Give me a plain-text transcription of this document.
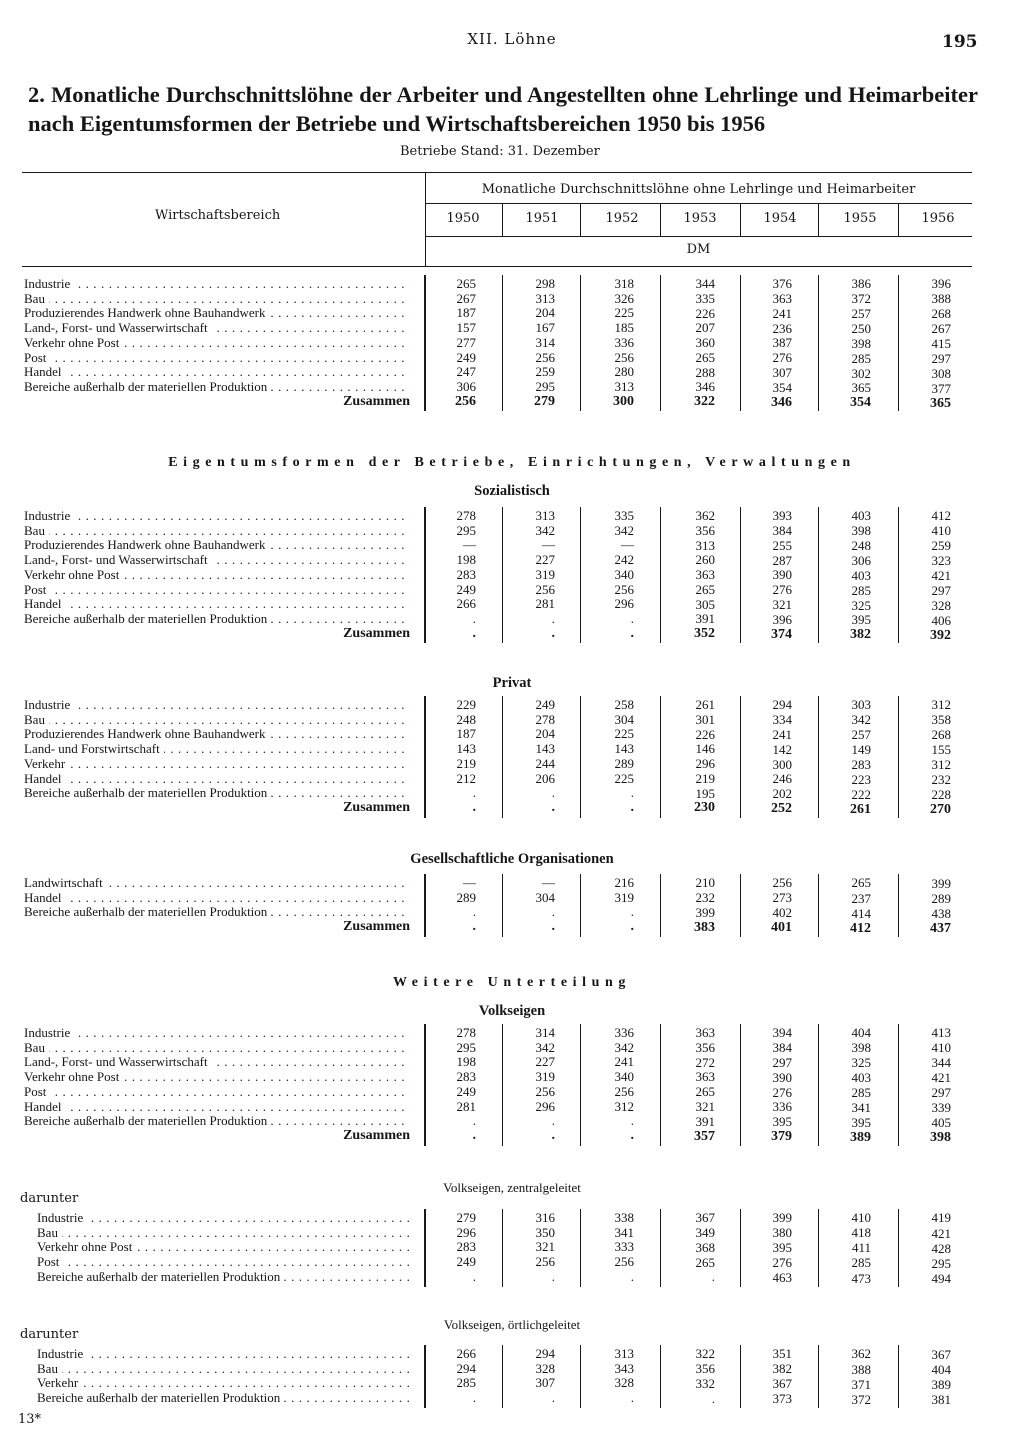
XII. Löhne	195

2. Monatliche Durchschnittslöhne der Arbeiter und Angestellten ohne Lehrlinge und Heimarbeiter nach Eigentumsformen der Betriebe und Wirtschaftsbereichen 1950 bis 1956

Betriebe Stand: 31. Dezember
Wirtschaftsbereich
Monatliche Durchschnittslöhne ohne Lehrlinge und Heimarbeiter
DM
1950	1951	1952	1953	1954	1955	1956
Industrie . . .	265	298	318	344	376	386	396
Bau . . .	267	313	326	335	363	372	388
Produzierendes Handwerk ohne Bauhandwerk . . .	187	204	225	226	241	257	268
Land-, Forst- und Wasserwirtschaft . . .	157	167	185	207	236	250	267
Verkehr ohne Post . . .	277	314	336	360	387	398	415
Post . . .	249	256	256	265	276	285	297
Handel . . .	247	259	280	288	307	302	308
Bereiche außerhalb der materiellen Produktion . . .	306	295	313	346	354	365	377
Zusammen	256	279	300	322	346	354	365
Eigentumsformen der Betriebe, Einrichtungen, Verwaltungen
Sozialistisch
Industrie . . .	278	313	335	362	393	403	412
Bau . . .	295	342	342	356	384	398	410
Produzierendes Handwerk ohne Bauhandwerk . . .	—	—	—	313	255	248	259
Land-, Forst- und Wasserwirtschaft . . .	198	227	242	260	287	306	323
Verkehr ohne Post . . .	283	319	340	363	390	403	421
Post . . .	249	256	256	265	276	285	297
Handel . . .	266	281	296	305	321	325	328
Bereiche außerhalb der materiellen Produktion . . .	.	.	.	391	396	395	406
Zusammen	.	.	.	352	374	382	392
Privat
Industrie . . .	229	249	258	261	294	303	312
Bau . . .	248	278	304	301	334	342	358
Produzierendes Handwerk ohne Bauhandwerk . . .	187	204	225	226	241	257	268
Land- und Forstwirtschaft . . .	143	143	143	146	142	149	155
Verkehr . . .	219	244	289	296	300	283	312
Handel . . .	212	206	225	219	246	223	232
Bereiche außerhalb der materiellen Produktion . . .	.	.	.	195	202	222	228
Zusammen	.	.	.	230	252	261	270
Gesellschaftliche Organisationen
Landwirtschaft . . .	—	—	216	210	256	265	399
Handel . . .	289	304	319	232	273	237	289
Bereiche außerhalb der materiellen Produktion . . .	.	.	.	399	402	414	438
Zusammen	.	.	.	383	401	412	437
Weitere Unterteilung
Volkseigen
Industrie . . .	278	314	336	363	394	404	413
Bau . . .	295	342	342	356	384	398	410
Land-, Forst- und Wasserwirtschaft . . .	198	227	241	272	297	325	344
Verkehr ohne Post . . .	283	319	340	363	390	403	421
Post . . .	249	256	256	265	276	285	297
Handel . . .	281	296	312	321	336	341	339
Bereiche außerhalb der materiellen Produktion . . .	.	.	.	391	395	395	405
Zusammen	.	.	.	357	379	389	398
Volkseigen, zentralgeleitet
darunter
Industrie . . .	279	316	338	367	399	410	419
Bau . . .	296	350	341	349	380	418	421
Verkehr ohne Post . . .	283	321	333	368	395	411	428
Post . . .	249	256	256	265	276	285	295
Bereiche außerhalb der materiellen Produktion . . .	.	.	.	.	463	473	494
Volkseigen, örtlichgeleitet
darunter
Industrie . . .	266	294	313	322	351	362	367
Bau . . .	294	328	343	356	382	388	404
Verkehr . . .	285	307	328	332	367	371	389
Bereiche außerhalb der materiellen Produktion . . .	.	.	.	.	373	372	381
13*
